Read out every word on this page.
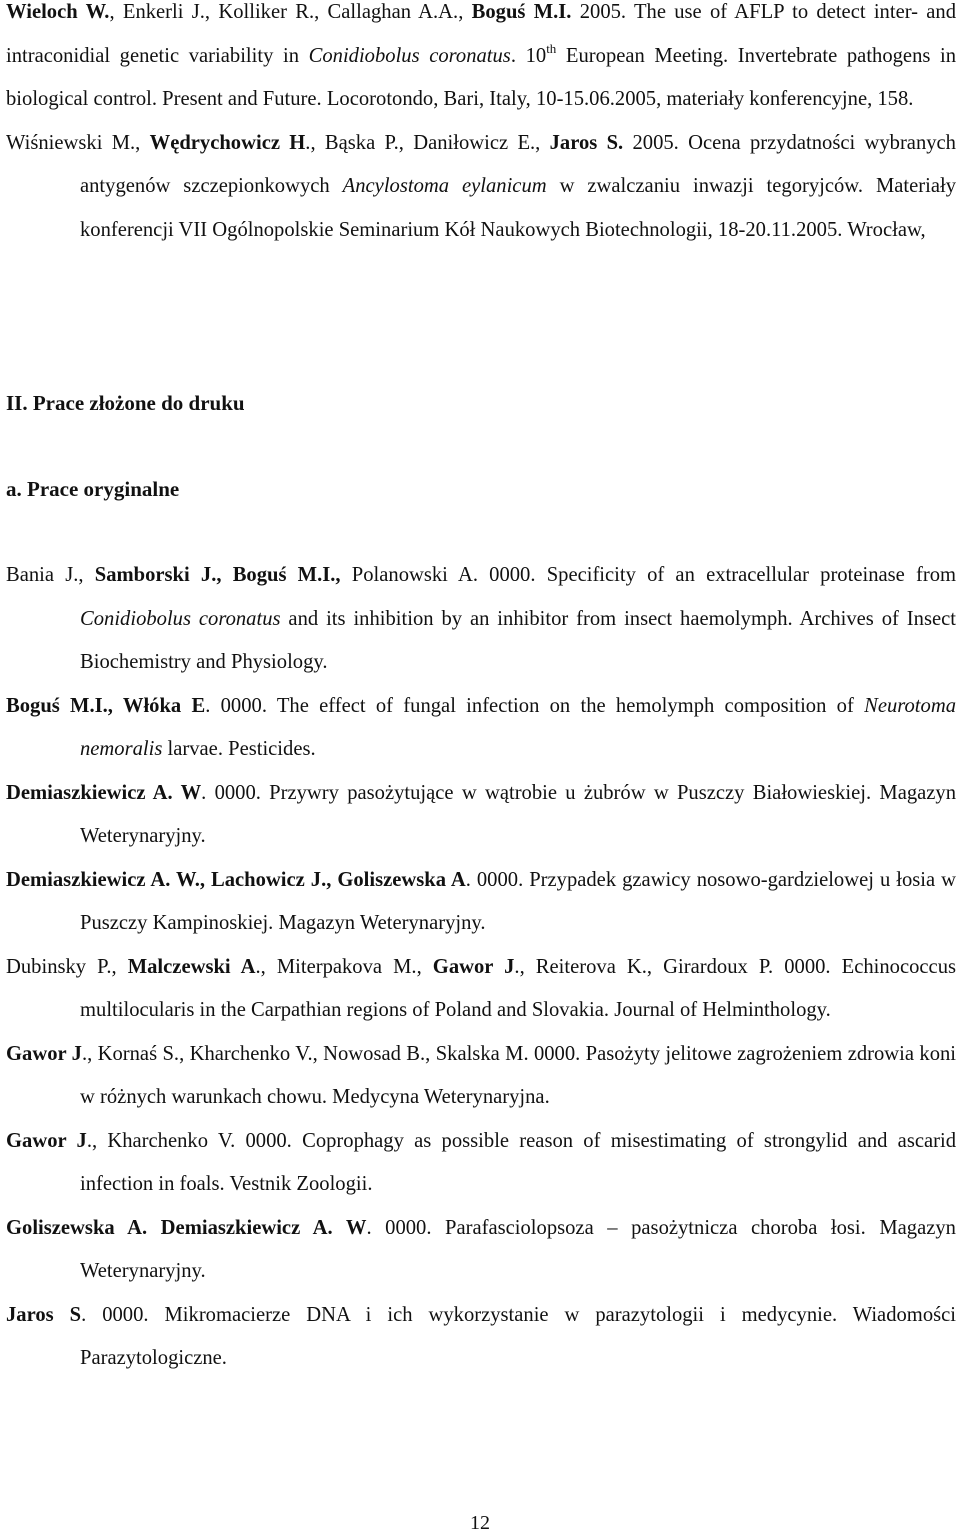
Wieloch W., Enkerli J., Kolliker R., Callaghan A.A., Boguś M.I. 2005. The use of AFLP to detect inter- and intraconidial genetic variability in Conidiobolus coronatus. 10th European Meeting. Invertebrate pathogens in biological control. Present and Future. Locorotondo, Bari, Italy, 10-15.06.2005, materiały konferencyjne, 158.
Wiśniewski M., Wędrychowicz H., Bąska P., Daniłowicz E., Jaros S. 2005. Ocena przydatności wybranych antygenów szczepionkowych Ancylostoma eylanicum w zwalczaniu inwazji tegoryjców. Materiały konferencji VII Ogólnopolskie Seminarium Kół Naukowych Biotechnologii, 18-20.11.2005. Wrocław,
II. Prace złożone do druku
a. Prace oryginalne
Bania J., Samborski J., Boguś M.I., Polanowski A. 0000. Specificity of an extracellular proteinase from Conidiobolus coronatus and its inhibition by an inhibitor from insect haemolymph. Archives of Insect Biochemistry and Physiology.
Boguś M.I., Włóka E. 0000. The effect of fungal infection on the hemolymph composition of Neurotoma nemoralis larvae. Pesticides.
Demiaszkiewicz A. W. 0000. Przywry pasożytujące w wątrobie u żubrów w Puszczy Białowieskiej. Magazyn Weterynaryjny.
Demiaszkiewicz A. W., Lachowicz J., Goliszewska A. 0000. Przypadek gzawicy nosowo-gardzielowej u łosia w Puszczy Kampinoskiej. Magazyn Weterynaryjny.
Dubinsky P., Malczewski A., Miterpakova M., Gawor J., Reiterova K., Girardoux P. 0000. Echinococcus multilocularis in the Carpathian regions of Poland and Slovakia. Journal of Helminthology.
Gawor J., Kornaś S., Kharchenko V., Nowosad B., Skalska M. 0000. Pasożyty jelitowe zagrożeniem zdrowia koni w różnych warunkach chowu. Medycyna Weterynaryjna.
Gawor J., Kharchenko V. 0000. Coprophagy as possible reason of misestimating of strongylid and ascarid infection in foals. Vestnik Zoologii.
Goliszewska A. Demiaszkiewicz A. W. 0000. Parafasciolopsoza – pasożytnicza choroba łosi. Magazyn Weterynaryjny.
Jaros S. 0000. Mikromacierze DNA i ich wykorzystanie w parazytologii i medycynie. Wiadomości Parazytologiczne.
12
